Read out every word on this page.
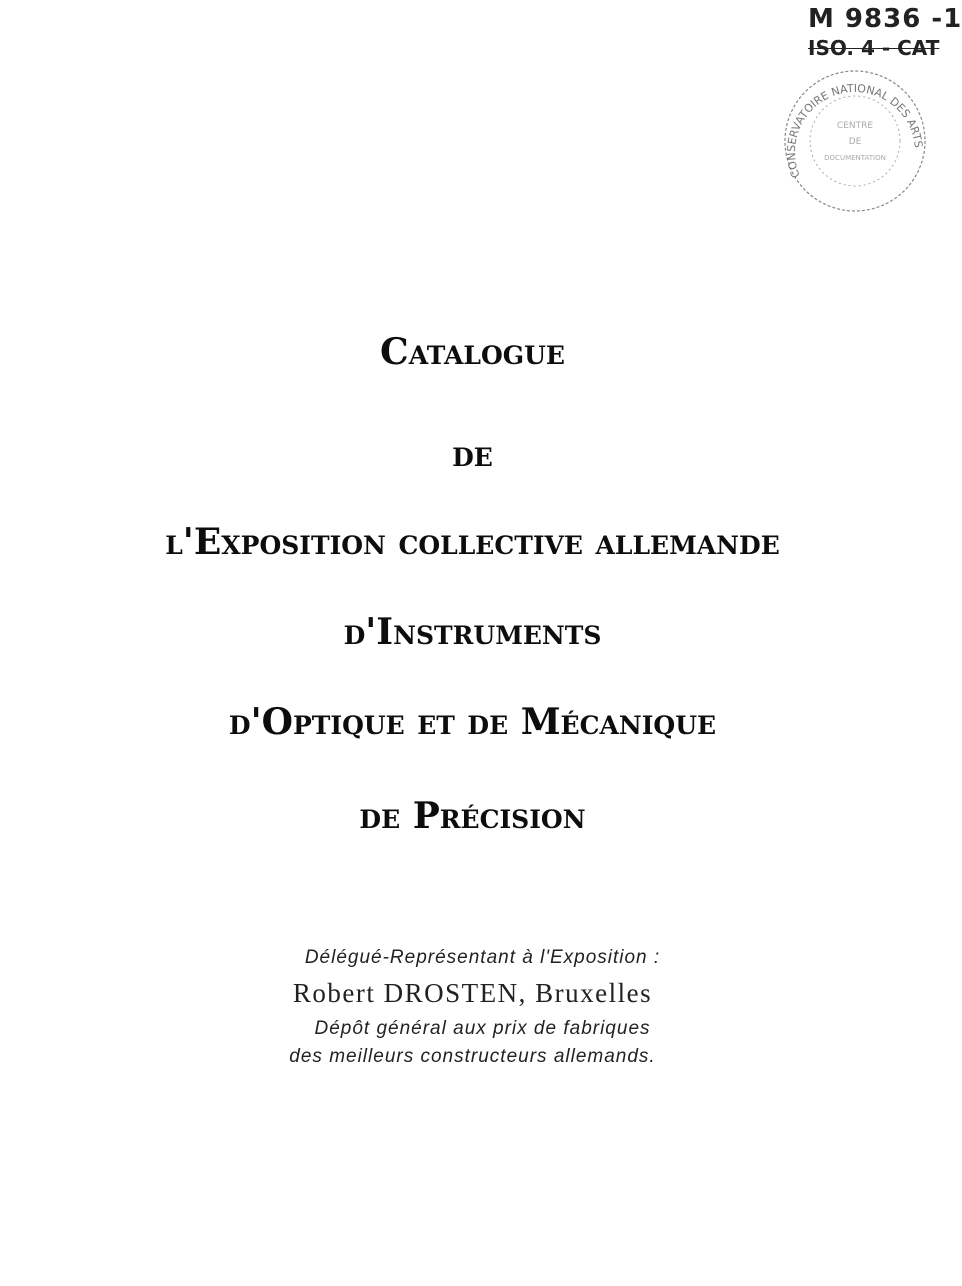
M 9836 -1
ISO. 4 - CAT
CONSERVATOIRE NATIONAL DES ARTS
CENTRE
DE
DOCUMENTATION
Catalogue
de
l'Exposition collective allemande
d'Instruments
d'Optique et de Mécanique
de Précision
Délégué-Représentant à l'Exposition :
Robert DROSTEN, Bruxelles
Dépôt général aux prix de fabriques
des meilleurs constructeurs allemands.
